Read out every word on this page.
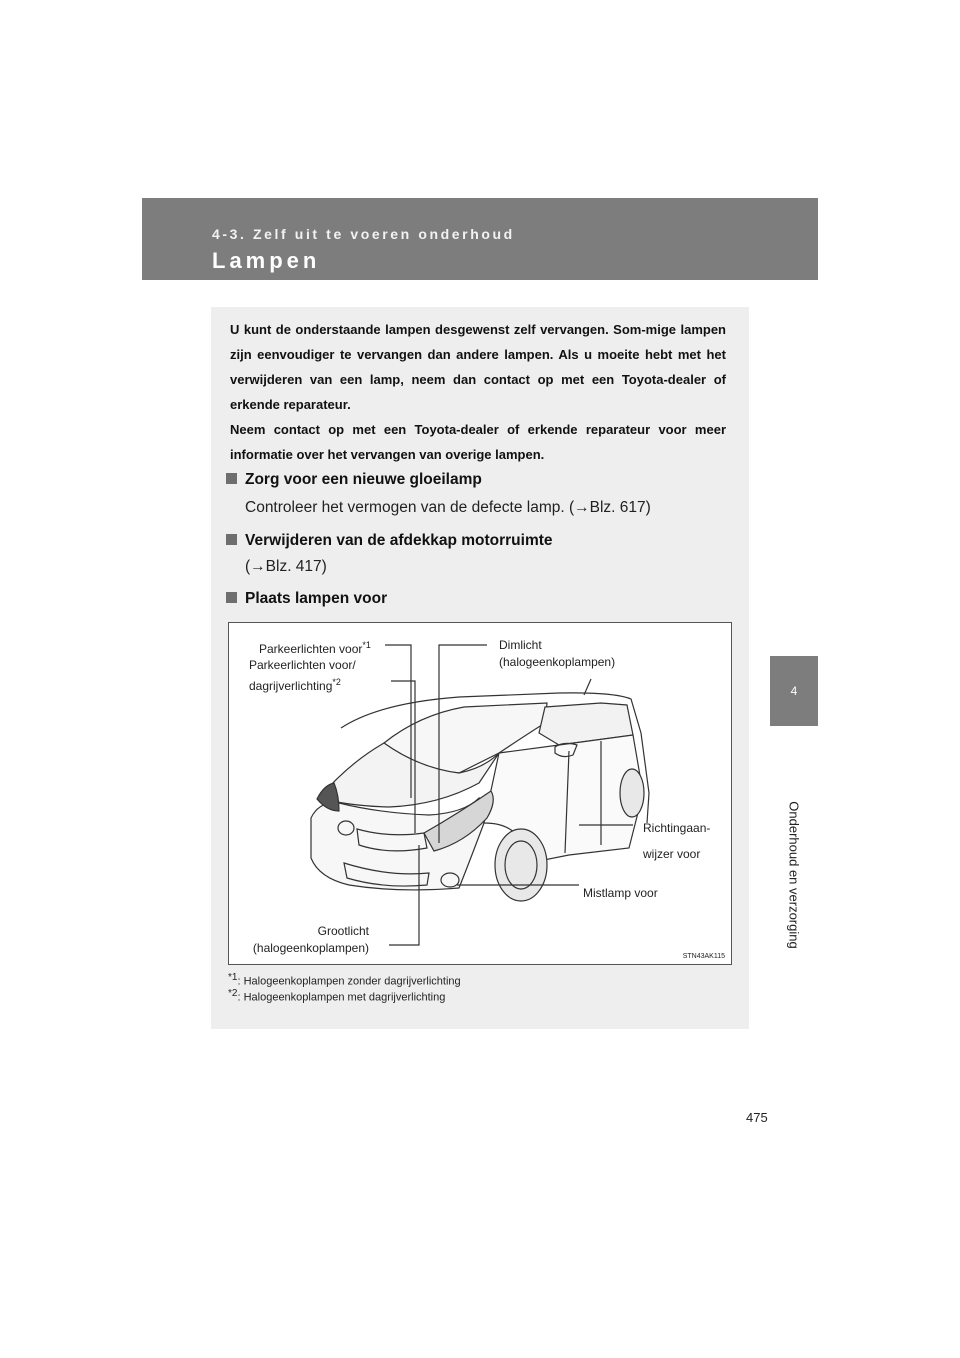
4-3. Zelf uit te voeren onderhoud
Lampen
4
Onderhoud en verzorging

U kunt de onderstaande lampen desgewenst zelf vervangen. Som-mige lampen zijn eenvoudiger te vervangen dan andere lampen. Als u moeite hebt met het verwijderen van een lamp, neem dan contact op met een Toyota-dealer of erkende reparateur.

Neem contact op met een Toyota-dealer of erkende reparateur voor meer informatie over het vervangen van overige lampen.

Zorg voor een nieuwe gloeilamp
Controleer het vermogen van de defecte lamp. (→Blz. 617)
Verwijderen van de afdekkap motorruimte
(→Blz. 417)
Plaats lampen voor
Parkeerlichten voor$^{*1}$
Parkeerlichten voor/
dagrijverlichting$^{*2}$
Dimlicht
(halogeenkoplampen)
Richtingaan-
wijzer voor
Mistlamp voor
Grootlicht
(halogeenkoplampen)
STN43AK115
$^{*1}$: Halogeenkoplampen zonder dagrijverlichting
$^{*2}$: Halogeenkoplampen met dagrijverlichting
475
